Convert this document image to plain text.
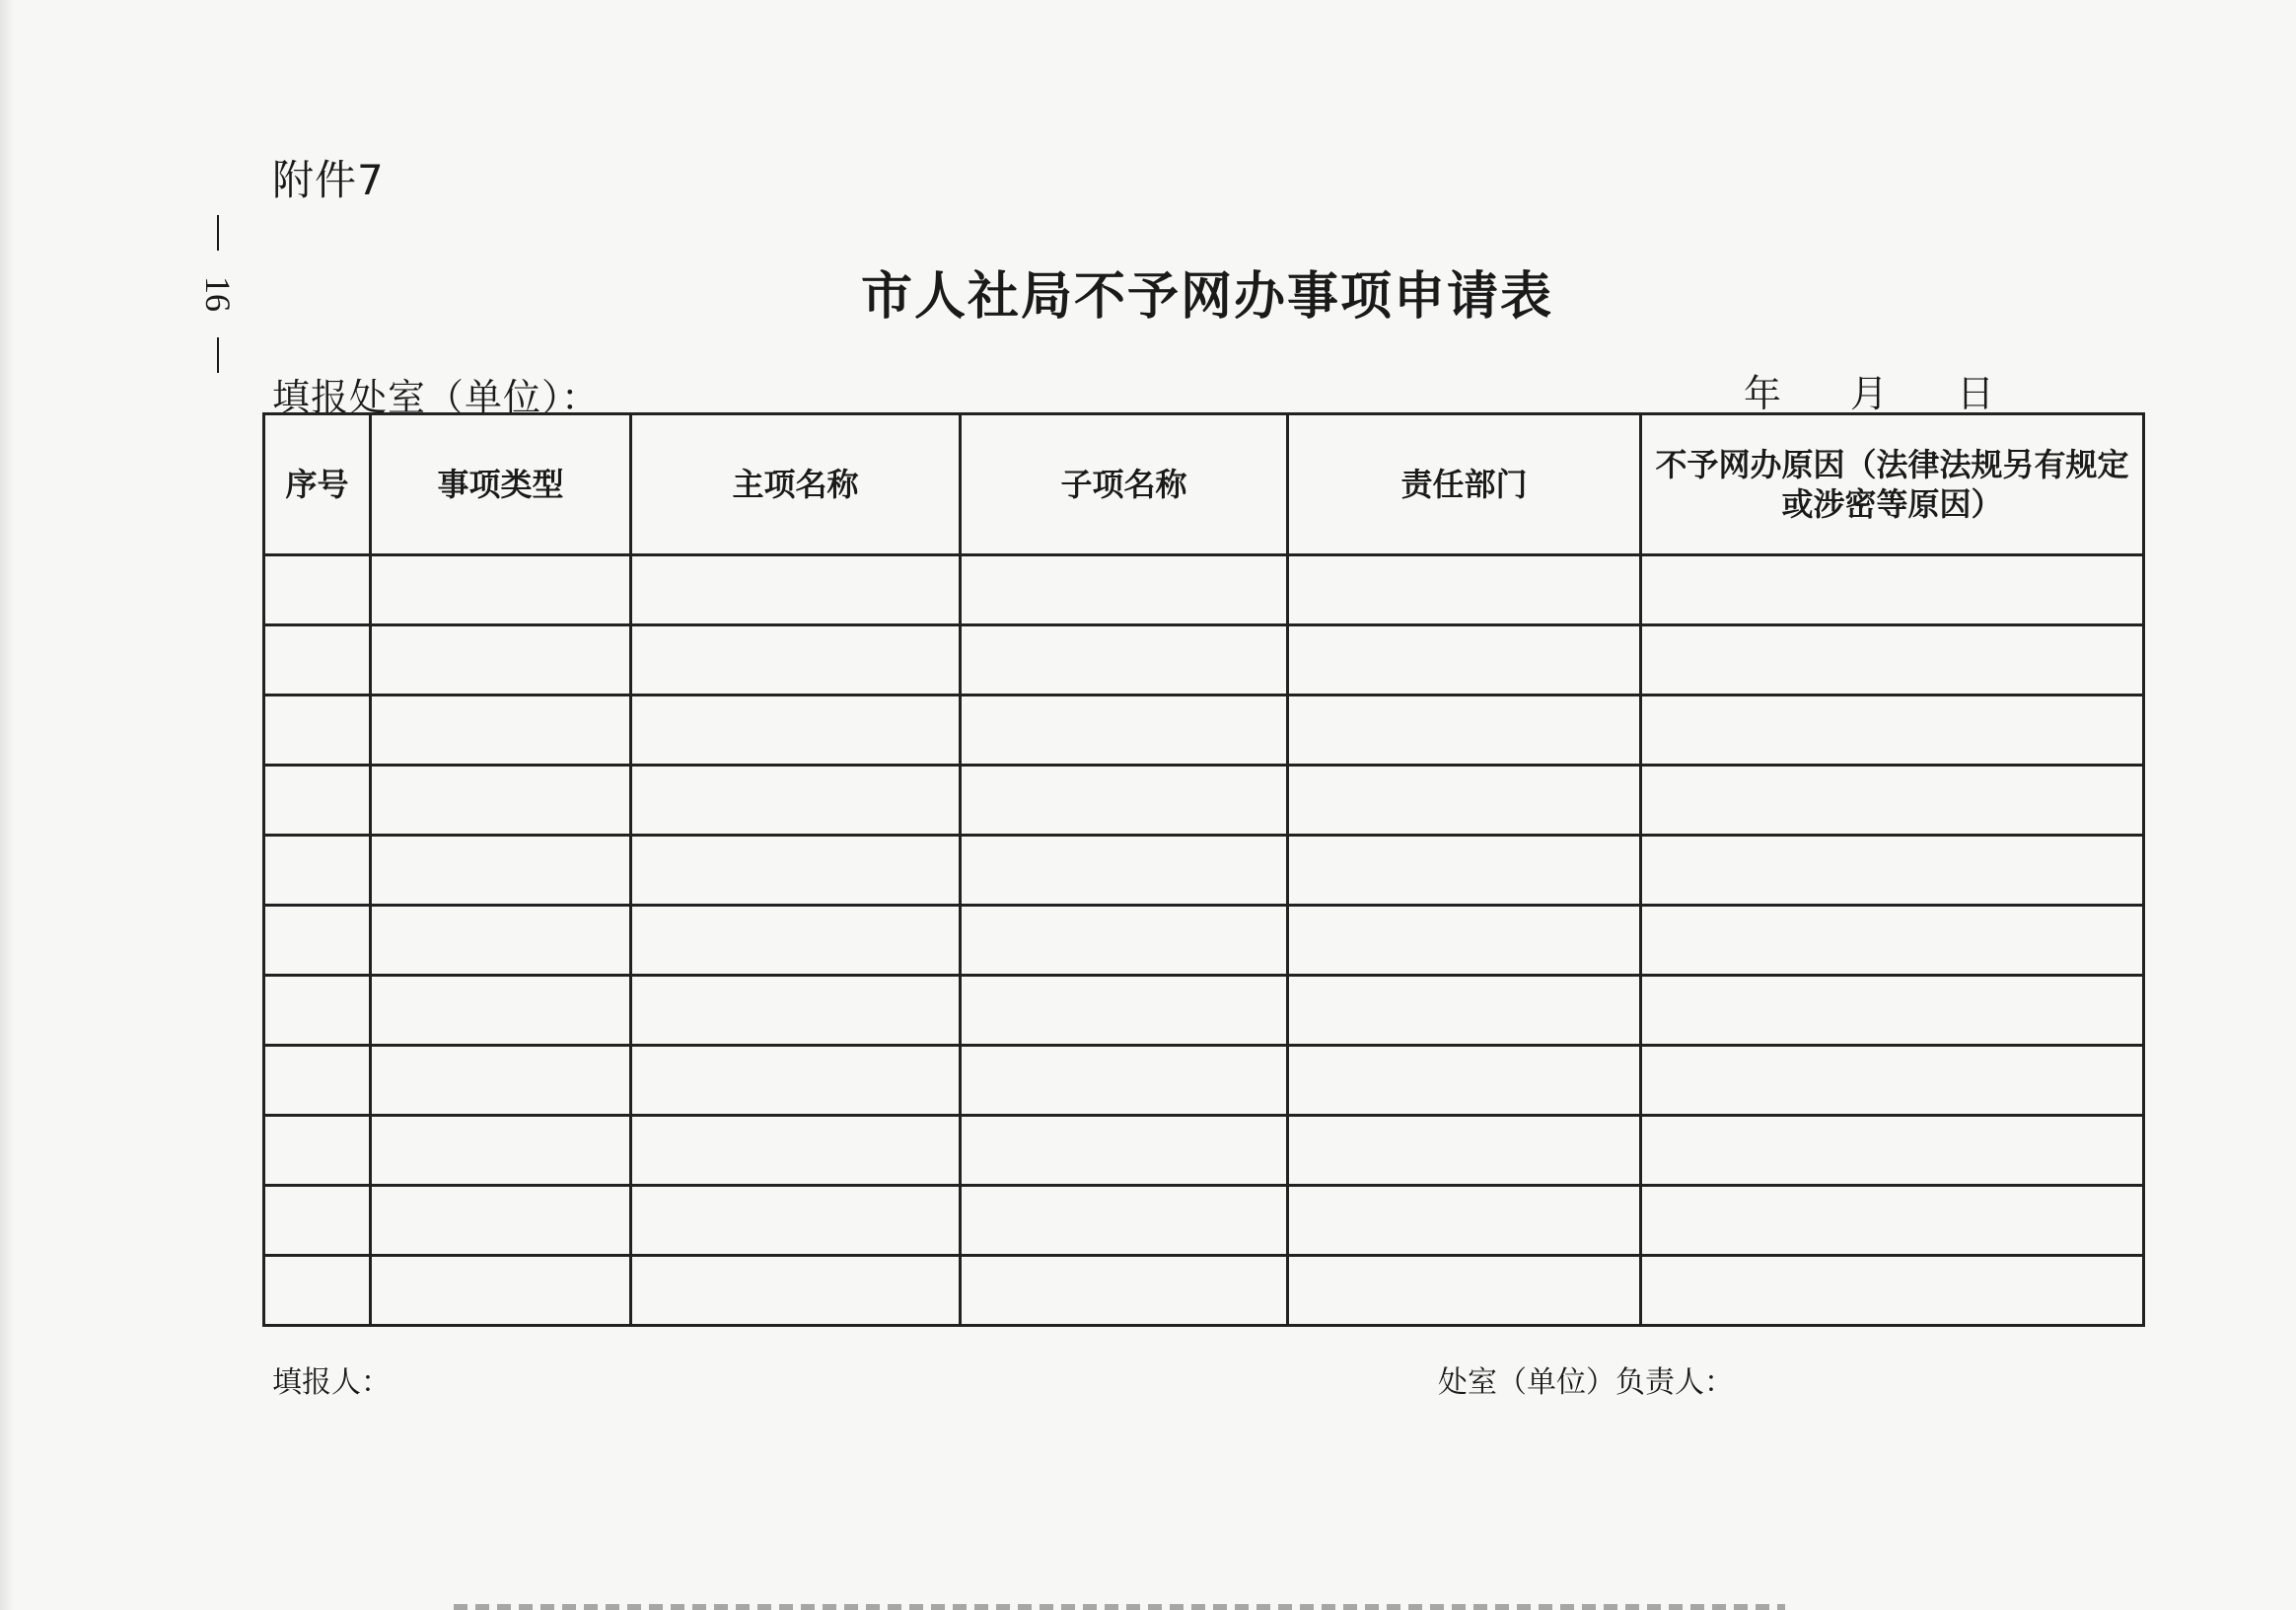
附件7
16	市人社局不予网办事项申请表
填报处室（单位）：	年 月 日
序号	事项类型	主项名称	子项名称	责任部门	不予网办原因（法律法规另有规定或涉密等原因）

填报人：	处室（单位）负责人：
